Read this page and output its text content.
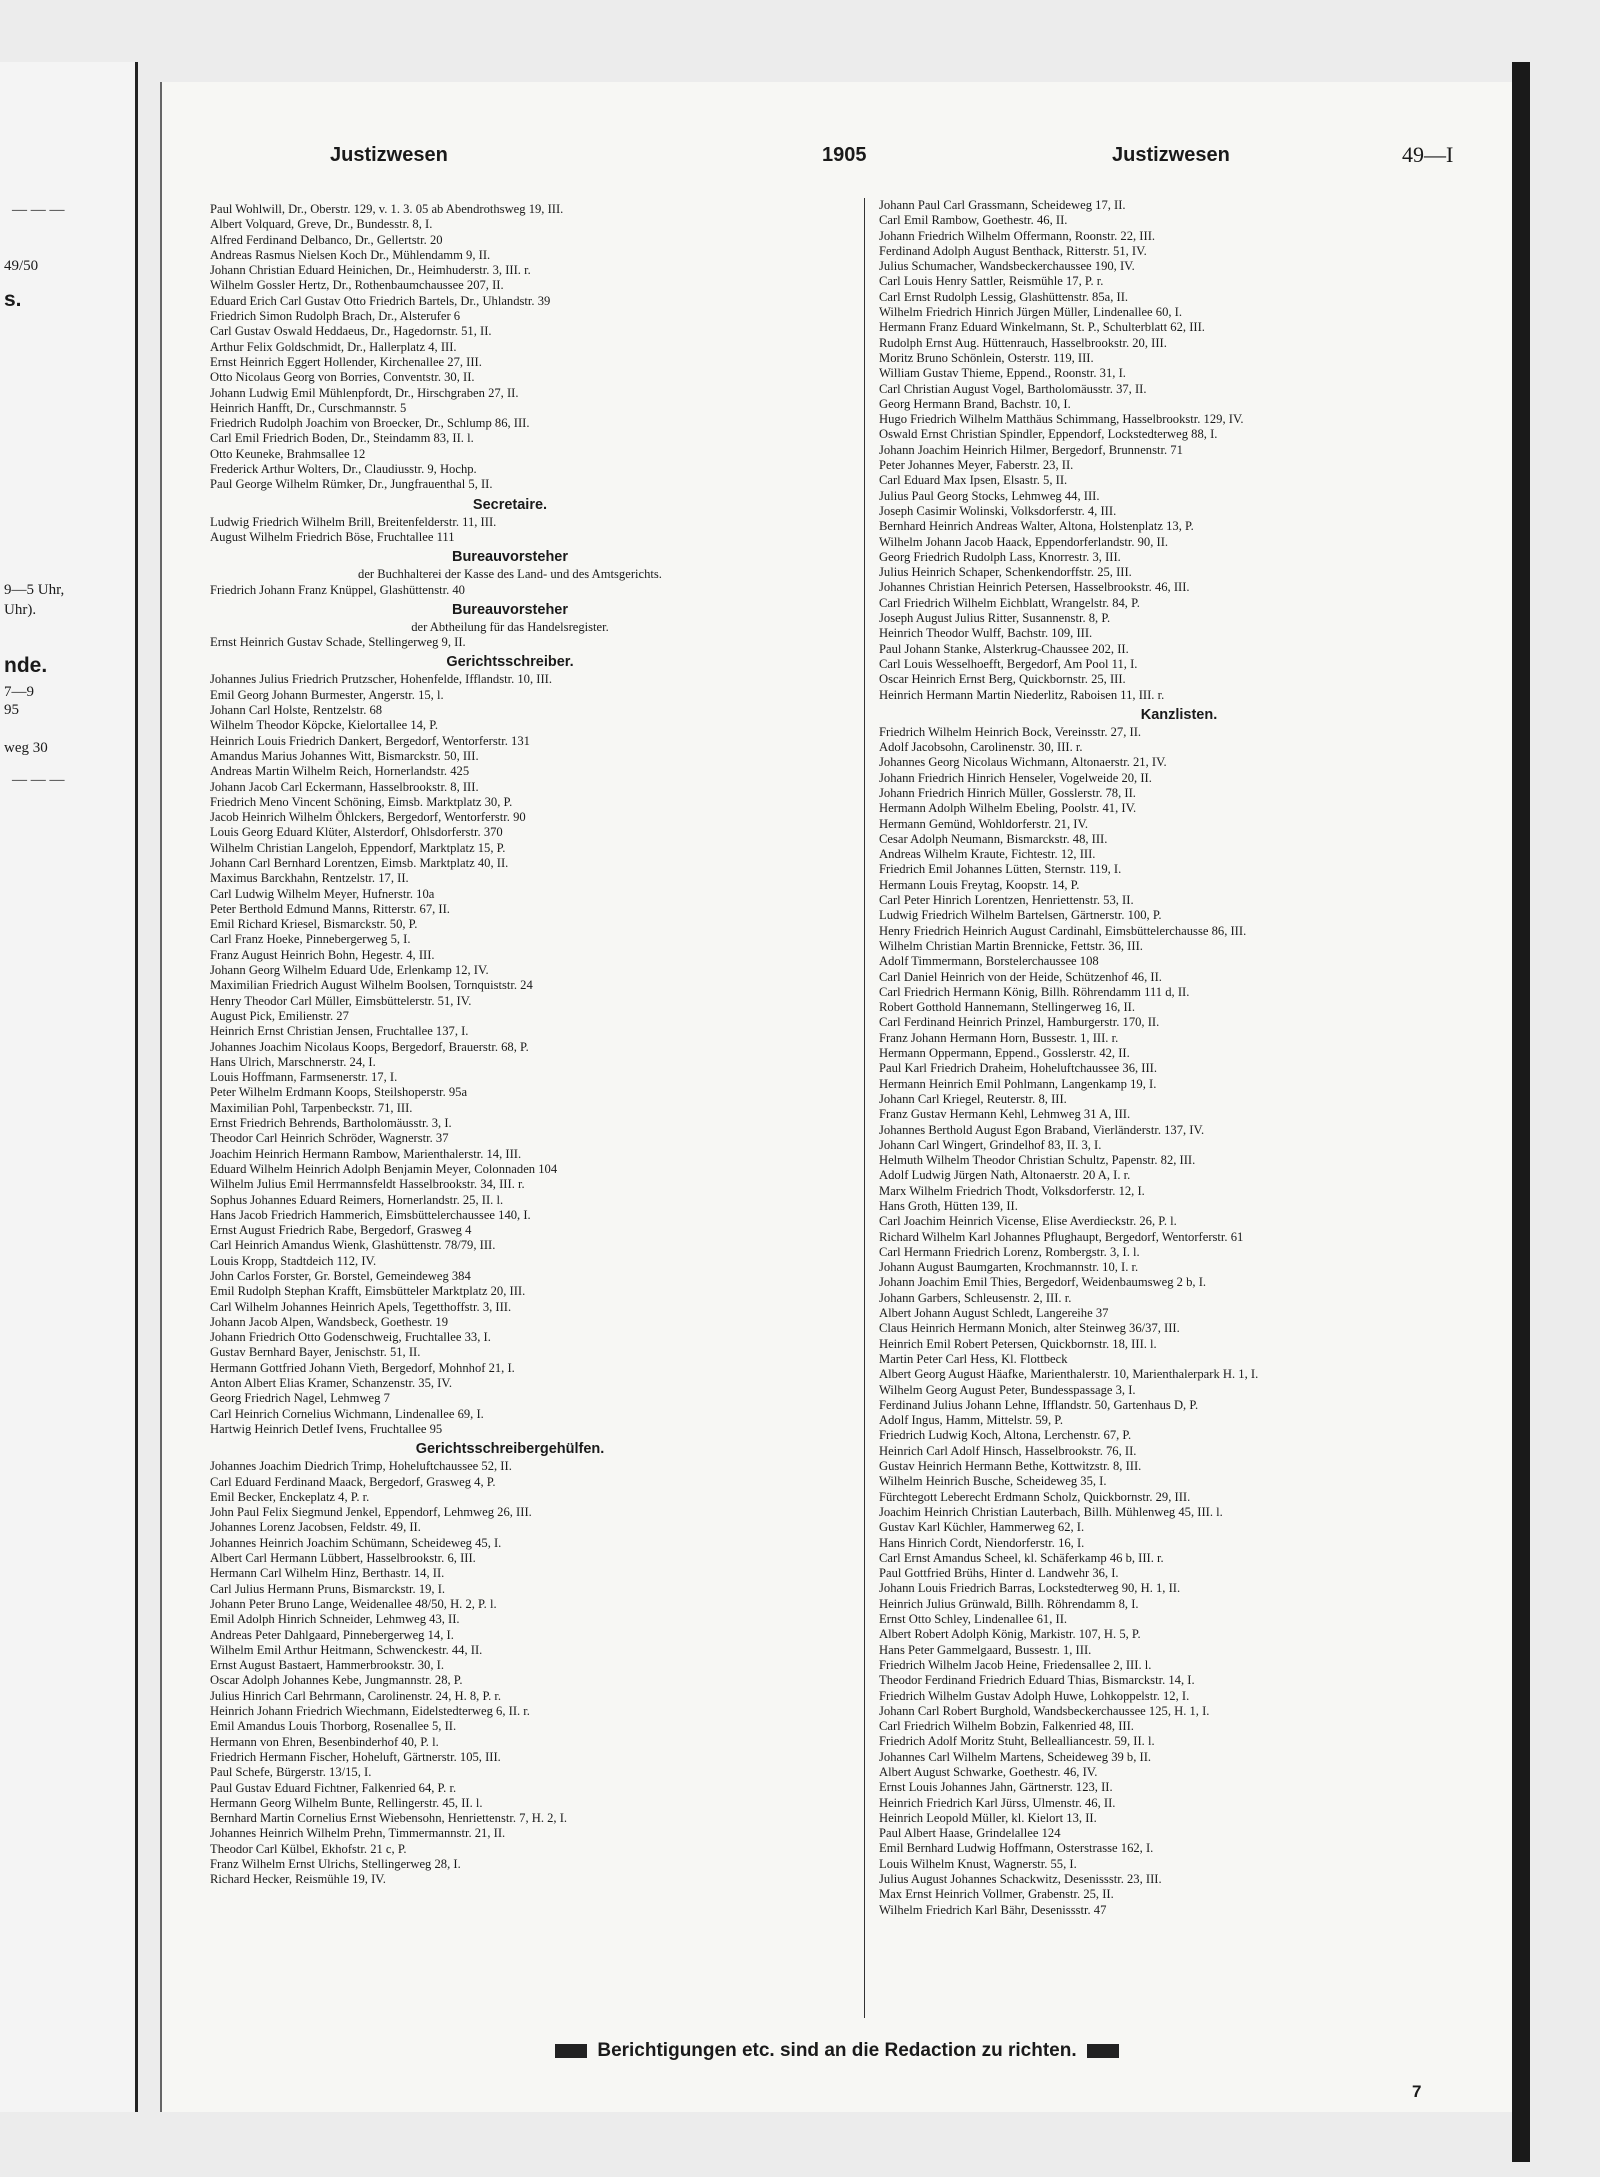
— — —
49/50
s.
9—5 Uhr,
Uhr).
nde.
7—9
95
weg 30
— — —
Justizwesen	1905	Justizwesen	49—I
Paul Wohlwill, Dr., Oberstr. 129, v. 1. 3. 05 ab Abendrothsweg 19, III.
Albert Volquard, Greve, Dr., Bundesstr. 8, I.
Alfred Ferdinand Delbanco, Dr., Gellertstr. 20
Andreas Rasmus Nielsen Koch Dr., Mühlendamm 9, II.
Johann Christian Eduard Heinichen, Dr., Heimhuderstr. 3, III. r.
Wilhelm Gossler Hertz, Dr., Rothenbaumchaussee 207, II.
Eduard Erich Carl Gustav Otto Friedrich Bartels, Dr., Uhlandstr. 39
Friedrich Simon Rudolph Brach, Dr., Alsterufer 6
Carl Gustav Oswald Heddaeus, Dr., Hagedornstr. 51, II.
Arthur Felix Goldschmidt, Dr., Hallerplatz 4, III.
Ernst Heinrich Eggert Hollender, Kirchenallee 27, III.
Otto Nicolaus Georg von Borries, Conventstr. 30, II.
Johann Ludwig Emil Mühlenpfordt, Dr., Hirschgraben 27, II.
Heinrich Hanfft, Dr., Curschmannstr. 5
Friedrich Rudolph Joachim von Broecker, Dr., Schlump 86, III.
Carl Emil Friedrich Boden, Dr., Steindamm 83, II. l.
Otto Keuneke, Brahmsallee 12
Frederick Arthur Wolters, Dr., Claudiusstr. 9, Hochp.
Paul George Wilhelm Rümker, Dr., Jungfrauenthal 5, II.
Secretaire.
Ludwig Friedrich Wilhelm Brill, Breitenfelderstr. 11, III.
August Wilhelm Friedrich Böse, Fruchtallee 111
Bureauvorsteher
der Buchhalterei der Kasse des Land- und des Amtsgerichts.
Friedrich Johann Franz Knüppel, Glashüttenstr. 40
Bureauvorsteher
der Abtheilung für das Handelsregister.
Ernst Heinrich Gustav Schade, Stellingerweg 9, II.
Gerichtsschreiber.
Johannes Julius Friedrich Prutzscher, Hohenfelde, Ifflandstr. 10, III.
Emil Georg Johann Burmester, Angerstr. 15, l.
Johann Carl Holste, Rentzelstr. 68
Wilhelm Theodor Köpcke, Kielortallee 14, P.
Heinrich Louis Friedrich Dankert, Bergedorf, Wentorferstr. 131
Amandus Marius Johannes Witt, Bismarckstr. 50, III.
Andreas Martin Wilhelm Reich, Hornerlandstr. 425
Johann Jacob Carl Eckermann, Hasselbrookstr. 8, III.
Friedrich Meno Vincent Schöning, Eimsb. Marktplatz 30, P.
Jacob Heinrich Wilhelm Öhlckers, Bergedorf, Wentorferstr. 90
Louis Georg Eduard Klüter, Alsterdorf, Ohlsdorferstr. 370
Wilhelm Christian Langeloh, Eppendorf, Marktplatz 15, P.
Johann Carl Bernhard Lorentzen, Eimsb. Marktplatz 40, II.
Maximus Barckhahn, Rentzelstr. 17, II.
Carl Ludwig Wilhelm Meyer, Hufnerstr. 10a
Peter Berthold Edmund Manns, Ritterstr. 67, II.
Emil Richard Kriesel, Bismarckstr. 50, P.
Carl Franz Hoeke, Pinnebergerweg 5, I.
Franz August Heinrich Bohn, Hegestr. 4, III.
Johann Georg Wilhelm Eduard Ude, Erlenkamp 12, IV.
Maximilian Friedrich August Wilhelm Boolsen, Tornquiststr. 24
Henry Theodor Carl Müller, Eimsbüttelerstr. 51, IV.
August Pick, Emilienstr. 27
Heinrich Ernst Christian Jensen, Fruchtallee 137, I.
Johannes Joachim Nicolaus Koops, Bergedorf, Brauerstr. 68, P.
Hans Ulrich, Marschnerstr. 24, I.
Louis Hoffmann, Farmsenerstr. 17, I.
Peter Wilhelm Erdmann Koops, Steilshoperstr. 95a
Maximilian Pohl, Tarpenbeckstr. 71, III.
Ernst Friedrich Behrends, Bartholomäusstr. 3, I.
Theodor Carl Heinrich Schröder, Wagnerstr. 37
Joachim Heinrich Hermann Rambow, Marienthalerstr. 14, III.
Eduard Wilhelm Heinrich Adolph Benjamin Meyer, Colonnaden 104
Wilhelm Julius Emil Herrmannsfeldt Hasselbrookstr. 34, III. r.
Sophus Johannes Eduard Reimers, Hornerlandstr. 25, II. l.
Hans Jacob Friedrich Hammerich, Eimsbüttelerchaussee 140, I.
Ernst August Friedrich Rabe, Bergedorf, Grasweg 4
Carl Heinrich Amandus Wienk, Glashüttenstr. 78/79, III.
Louis Kropp, Stadtdeich 112, IV.
John Carlos Forster, Gr. Borstel, Gemeindeweg 384
Emil Rudolph Stephan Krafft, Eimsbütteler Marktplatz 20, III.
Carl Wilhelm Johannes Heinrich Apels, Tegetthoffstr. 3, III.
Johann Jacob Alpen, Wandsbeck, Goethestr. 19
Johann Friedrich Otto Godenschweig, Fruchtallee 33, I.
Gustav Bernhard Bayer, Jenischstr. 51, II.
Hermann Gottfried Johann Vieth, Bergedorf, Mohnhof 21, I.
Anton Albert Elias Kramer, Schanzenstr. 35, IV.
Georg Friedrich Nagel, Lehmweg 7
Carl Heinrich Cornelius Wichmann, Lindenallee 69, I.
Hartwig Heinrich Detlef Ivens, Fruchtallee 95
Gerichtsschreibergehülfen.
Johannes Joachim Diedrich Trimp, Hoheluftchaussee 52, II.
Carl Eduard Ferdinand Maack, Bergedorf, Grasweg 4, P.
Emil Becker, Enckeplatz 4, P. r.
John Paul Felix Siegmund Jenkel, Eppendorf, Lehmweg 26, III.
Johannes Lorenz Jacobsen, Feldstr. 49, II.
Johannes Heinrich Joachim Schümann, Scheideweg 45, I.
Albert Carl Hermann Lübbert, Hasselbrookstr. 6, III.
Hermann Carl Wilhelm Hinz, Berthastr. 14, II.
Carl Julius Hermann Pruns, Bismarckstr. 19, I.
Johann Peter Bruno Lange, Weidenallee 48/50, H. 2, P. l.
Emil Adolph Hinrich Schneider, Lehmweg 43, II.
Andreas Peter Dahlgaard, Pinnebergerweg 14, I.
Wilhelm Emil Arthur Heitmann, Schwenckestr. 44, II.
Ernst August Bastaert, Hammerbrookstr. 30, I.
Oscar Adolph Johannes Kebe, Jungmannstr. 28, P.
Julius Hinrich Carl Behrmann, Carolinenstr. 24, H. 8, P. r.
Heinrich Johann Friedrich Wiechmann, Eidelstedterweg 6, II. r.
Emil Amandus Louis Thorborg, Rosenallee 5, II.
Hermann von Ehren, Besenbinderhof 40, P. l.
Friedrich Hermann Fischer, Hoheluft, Gärtnerstr. 105, III.
Paul Schefe, Bürgerstr. 13/15, I.
Paul Gustav Eduard Fichtner, Falkenried 64, P. r.
Hermann Georg Wilhelm Bunte, Rellingerstr. 45, II. l.
Bernhard Martin Cornelius Ernst Wiebensohn, Henriettenstr. 7, H. 2, I.
Johannes Heinrich Wilhelm Prehn, Timmermannstr. 21, II.
Theodor Carl Külbel, Ekhofstr. 21 c, P.
Franz Wilhelm Ernst Ulrichs, Stellingerweg 28, I.
Richard Hecker, Reismühle 19, IV.
Johann Paul Carl Grassmann, Scheideweg 17, II.
Carl Emil Rambow, Goethestr. 46, II.
Johann Friedrich Wilhelm Offermann, Roonstr. 22, III.
Ferdinand Adolph August Benthack, Ritterstr. 51, IV.
Julius Schumacher, Wandsbeckerchaussee 190, IV.
Carl Louis Henry Sattler, Reismühle 17, P. r.
Carl Ernst Rudolph Lessig, Glashüttenstr. 85a, II.
Wilhelm Friedrich Hinrich Jürgen Müller, Lindenallee 60, I.
Hermann Franz Eduard Winkelmann, St. P., Schulterblatt 62, III.
Rudolph Ernst Aug. Hüttenrauch, Hasselbrookstr. 20, III.
Moritz Bruno Schönlein, Osterstr. 119, III.
William Gustav Thieme, Eppend., Roonstr. 31, I.
Carl Christian August Vogel, Bartholomäusstr. 37, II.
Georg Hermann Brand, Bachstr. 10, I.
Hugo Friedrich Wilhelm Matthäus Schimmang, Hasselbrookstr. 129, IV.
Oswald Ernst Christian Spindler, Eppendorf, Lockstedterweg 88, I.
Johann Joachim Heinrich Hilmer, Bergedorf, Brunnenstr. 71
Peter Johannes Meyer, Faberstr. 23, II.
Carl Eduard Max Ipsen, Elsastr. 5, II.
Julius Paul Georg Stocks, Lehmweg 44, III.
Joseph Casimir Wolinski, Volksdorferstr. 4, III.
Bernhard Heinrich Andreas Walter, Altona, Holstenplatz 13, P.
Wilhelm Johann Jacob Haack, Eppendorferlandstr. 90, II.
Georg Friedrich Rudolph Lass, Knorrestr. 3, III.
Julius Heinrich Schaper, Schenkendorffstr. 25, III.
Johannes Christian Heinrich Petersen, Hasselbrookstr. 46, III.
Carl Friedrich Wilhelm Eichblatt, Wrangelstr. 84, P.
Joseph August Julius Ritter, Susannenstr. 8, P.
Heinrich Theodor Wulff, Bachstr. 109, III.
Paul Johann Stanke, Alsterkrug-Chaussee 202, II.
Carl Louis Wesselhoefft, Bergedorf, Am Pool 11, I.
Oscar Heinrich Ernst Berg, Quickbornstr. 25, III.
Heinrich Hermann Martin Niederlitz, Raboisen 11, III. r.
Kanzlisten.
Friedrich Wilhelm Heinrich Bock, Vereinsstr. 27, II.
Adolf Jacobsohn, Carolinenstr. 30, III. r.
Johannes Georg Nicolaus Wichmann, Altonaerstr. 21, IV.
Johann Friedrich Hinrich Henseler, Vogelweide 20, II.
Johann Friedrich Hinrich Müller, Gosslerstr. 78, II.
Hermann Adolph Wilhelm Ebeling, Poolstr. 41, IV.
Hermann Gemünd, Wohldorferstr. 21, IV.
Cesar Adolph Neumann, Bismarckstr. 48, III.
Andreas Wilhelm Kraute, Fichtestr. 12, III.
Friedrich Emil Johannes Lütten, Sternstr. 119, I.
Hermann Louis Freytag, Koopstr. 14, P.
Carl Peter Hinrich Lorentzen, Henriettenstr. 53, II.
Ludwig Friedrich Wilhelm Bartelsen, Gärtnerstr. 100, P.
Henry Friedrich Heinrich August Cardinahl, Eimsbüttelerchausse 86, III.
Wilhelm Christian Martin Brennicke, Fettstr. 36, III.
Adolf Timmermann, Borstelerchaussee 108
Carl Daniel Heinrich von der Heide, Schützenhof 46, II.
Carl Friedrich Hermann König, Billh. Röhrendamm 111 d, II.
Robert Gotthold Hannemann, Stellingerweg 16, II.
Carl Ferdinand Heinrich Prinzel, Hamburgerstr. 170, II.
Franz Johann Hermann Horn, Bussestr. 1, III. r.
Hermann Oppermann, Eppend., Gosslerstr. 42, II.
Paul Karl Friedrich Draheim, Hoheluftchaussee 36, III.
Hermann Heinrich Emil Pohlmann, Langenkamp 19, I.
Johann Carl Kriegel, Reuterstr. 8, III.
Franz Gustav Hermann Kehl, Lehmweg 31 A, III.
Johannes Berthold August Egon Braband, Vierländerstr. 137, IV.
Johann Carl Wingert, Grindelhof 83, II. 3, I.
Helmuth Wilhelm Theodor Christian Schultz, Papenstr. 82, III.
Adolf Ludwig Jürgen Nath, Altonaerstr. 20 A, I. r.
Marx Wilhelm Friedrich Thodt, Volksdorferstr. 12, I.
Hans Groth, Hütten 139, II.
Carl Joachim Heinrich Vicense, Elise Averdieckstr. 26, P. l.
Richard Wilhelm Karl Johannes Pflughaupt, Bergedorf, Wentorferstr. 61
Carl Hermann Friedrich Lorenz, Rombergstr. 3, I. l.
Johann August Baumgarten, Krochmannstr. 10, I. r.
Johann Joachim Emil Thies, Bergedorf, Weidenbaumsweg 2 b, I.
Johann Garbers, Schleusenstr. 2, III. r.
Albert Johann August Schledt, Langereihe 37
Claus Heinrich Hermann Monich, alter Steinweg 36/37, III.
Heinrich Emil Robert Petersen, Quickbornstr. 18, III. l.
Martin Peter Carl Hess, Kl. Flottbeck
Albert Georg August Häafke, Marienthalerstr. 10, Marienthalerpark H. 1, I.
Wilhelm Georg August Peter, Bundesspassage 3, I.
Ferdinand Julius Johann Lehne, Ifflandstr. 50, Gartenhaus D, P.
Adolf Ingus, Hamm, Mittelstr. 59, P.
Friedrich Ludwig Koch, Altona, Lerchenstr. 67, P.
Heinrich Carl Adolf Hinsch, Hasselbrookstr. 76, II.
Gustav Heinrich Hermann Bethe, Kottwitzstr. 8, III.
Wilhelm Heinrich Busche, Scheideweg 35, I.
Fürchtegott Leberecht Erdmann Scholz, Quickbornstr. 29, III.
Joachim Heinrich Christian Lauterbach, Billh. Mühlenweg 45, III. l.
Gustav Karl Küchler, Hammerweg 62, I.
Hans Hinrich Cordt, Niendorferstr. 16, I.
Carl Ernst Amandus Scheel, kl. Schäferkamp 46 b, III. r.
Paul Gottfried Brühs, Hinter d. Landwehr 36, I.
Johann Louis Friedrich Barras, Lockstedterweg 90, H. 1, II.
Heinrich Julius Grünwald, Billh. Röhrendamm 8, I.
Ernst Otto Schley, Lindenallee 61, II.
Albert Robert Adolph König, Markistr. 107, H. 5, P.
Hans Peter Gammelgaard, Bussestr. 1, III.
Friedrich Wilhelm Jacob Heine, Friedensallee 2, III. l.
Theodor Ferdinand Friedrich Eduard Thias, Bismarckstr. 14, I.
Friedrich Wilhelm Gustav Adolph Huwe, Lohkoppelstr. 12, I.
Johann Carl Robert Burghold, Wandsbeckerchaussee 125, H. 1, I.
Carl Friedrich Wilhelm Bobzin, Falkenried 48, III.
Friedrich Adolf Moritz Stuht, Bellealliancestr. 59, II. l.
Johannes Carl Wilhelm Martens, Scheideweg 39 b, II.
Albert August Schwarke, Goethestr. 46, IV.
Ernst Louis Johannes Jahn, Gärtnerstr. 123, II.
Heinrich Friedrich Karl Jürss, Ulmenstr. 46, II.
Heinrich Leopold Müller, kl. Kielort 13, II.
Paul Albert Haase, Grindelallee 124
Emil Bernhard Ludwig Hoffmann, Osterstrasse 162, I.
Louis Wilhelm Knust, Wagnerstr. 55, I.
Julius August Johannes Schackwitz, Desenissstr. 23, III.
Max Ernst Heinrich Vollmer, Grabenstr. 25, II.
Wilhelm Friedrich Karl Bähr, Desenissstr. 47
Berichtigungen etc. sind an die Redaction zu richten.
7
